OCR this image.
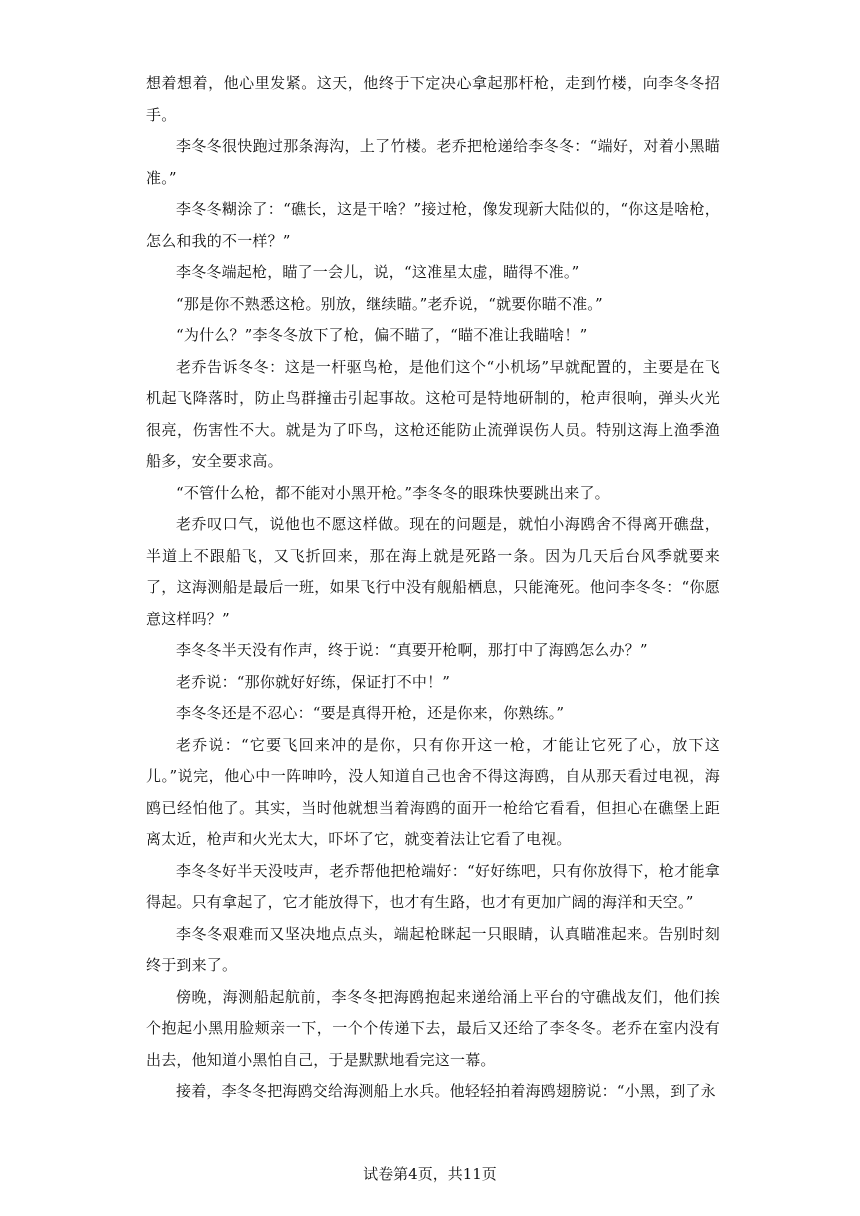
想着想着，他心里发紧。这天，他终于下定决心拿起那杆枪，走到竹楼，向李冬冬招手。

李冬冬很快跑过那条海沟，上了竹楼。老乔把枪递给李冬冬：“端好，对着小黑瞄准。”

李冬冬糊涂了：“礁长，这是干啥？”接过枪，像发现新大陆似的，“你这是啥枪，怎么和我的不一样？”

李冬冬端起枪，瞄了一会儿，说，“这准星太虚，瞄得不准。”

“那是你不熟悉这枪。别放，继续瞄。”老乔说，“就要你瞄不准。”

“为什么？”李冬冬放下了枪，偏不瞄了，“瞄不准让我瞄啥！”

老乔告诉冬冬：这是一杆驱鸟枪，是他们这个“小机场”早就配置的，主要是在飞机起飞降落时，防止鸟群撞击引起事故。这枪可是特地研制的，枪声很响，弹头火光很亮，伤害性不大。就是为了吓鸟，这枪还能防止流弹误伤人员。特别这海上渔季渔船多，安全要求高。

“不管什么枪，都不能对小黑开枪。”李冬冬的眼珠快要跳出来了。

老乔叹口气，说他也不愿这样做。现在的问题是，就怕小海鸥舍不得离开礁盘，半道上不跟船飞，又飞折回来，那在海上就是死路一条。因为几天后台风季就要来了，这海测船是最后一班，如果飞行中没有舰船栖息，只能淹死。他问李冬冬：“你愿意这样吗？”

李冬冬半天没有作声，终于说：“真要开枪啊，那打中了海鸥怎么办？”

老乔说：“那你就好好练，保证打不中！”

李冬冬还是不忍心：“要是真得开枪，还是你来，你熟练。”

老乔说：“它要飞回来冲的是你，只有你开这一枪，才能让它死了心，放下这儿。”说完，他心中一阵呻吟，没人知道自己也舍不得这海鸥，自从那天看过电视，海鸥已经怕他了。其实，当时他就想当着海鸥的面开一枪给它看看，但担心在礁堡上距离太近，枪声和火光太大，吓坏了它，就变着法让它看了电视。

李冬冬好半天没吱声，老乔帮他把枪端好：“好好练吧，只有你放得下，枪才能拿得起。只有拿起了，它才能放得下，也才有生路，也才有更加广阔的海洋和天空。”

李冬冬艰难而又坚决地点点头，端起枪眯起一只眼睛，认真瞄准起来。告别时刻终于到来了。

傍晚，海测船起航前，李冬冬把海鸥抱起来递给涌上平台的守礁战友们，他们挨个抱起小黑用脸颊亲一下，一个个传递下去，最后又还给了李冬冬。老乔在室内没有出去，他知道小黑怕自己，于是默默地看完这一幕。

接着，李冬冬把海鸥交给海测船上水兵。他轻轻拍着海鸥翅膀说：“小黑，到了永

试卷第4页，共11页
